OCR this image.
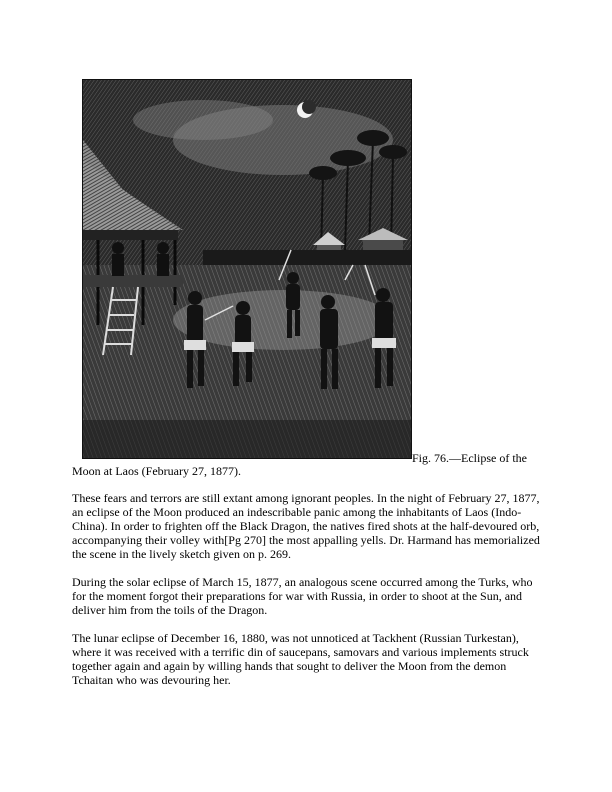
Fig. 76.—Eclipse of the
Moon at Laos (February 27, 1877).

These fears and terrors are still extant among ignorant peoples. In the night of February 27, 1877, an eclipse of the Moon produced an indescribable panic among the inhabitants of Laos (Indo-China). In order to frighten off the Black Dragon, the natives fired shots at the half-devoured orb, accompanying their volley with[Pg 270] the most appalling yells. Dr. Harmand has memorialized the scene in the lively sketch given on p. 269.

During the solar eclipse of March 15, 1877, an analogous scene occurred among the Turks, who for the moment forgot their preparations for war with Russia, in order to shoot at the Sun, and deliver him from the toils of the Dragon.

The lunar eclipse of December 16, 1880, was not unnoticed at Tackhent (Russian Turkestan), where it was received with a terrific din of saucepans, samovars and various implements struck together again and again by willing hands that sought to deliver the Moon from the demon Tchaitan who was devouring her.
